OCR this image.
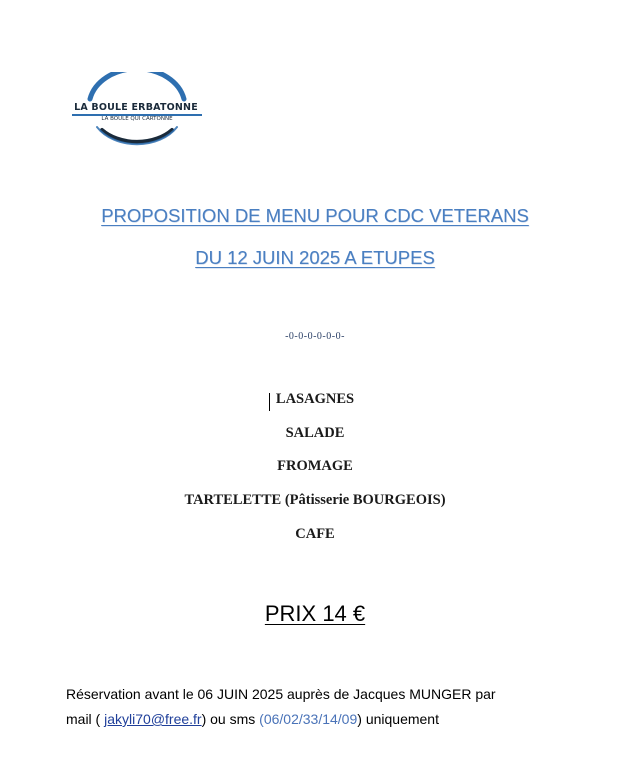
LA BOULE ERBATONNE
LA BOULE QUI CARTONNE
PROPOSITION DE MENU POUR CDC VETERANS
DU 12 JUIN 2025 A ETUPES
-0-0-0-0-0-0-
LASAGNES
SALADE
FROMAGE
TARTELETTE (Pâtisserie BOURGEOIS)
CAFE
PRIX 14 €
Réservation avant le 06 JUIN 2025 auprès de Jacques MUNGER par
mail ( jakyli70@free.fr) ou sms (06/02/33/14/09) uniquement
